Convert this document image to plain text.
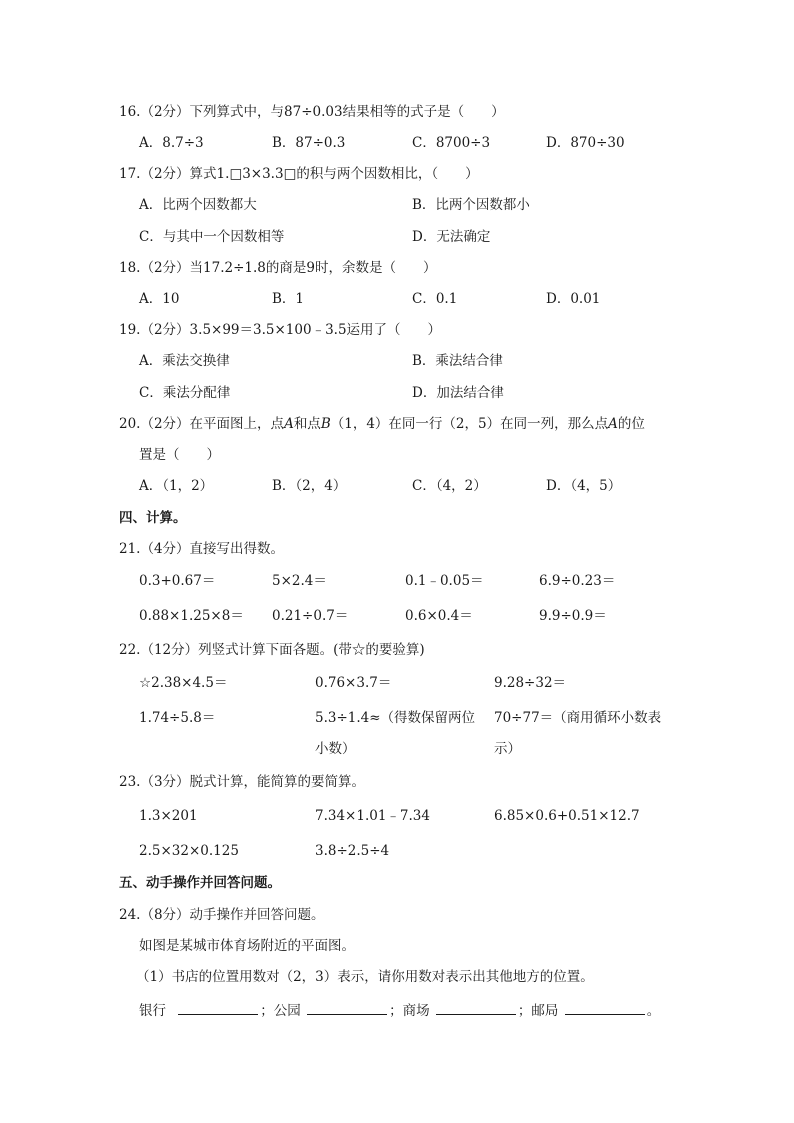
16.（2分）下列算式中，与87÷0.03结果相等的式子是（　　）
A．8.7÷3	B．87÷0.3	C．8700÷3	D．870÷30
17.（2分）算式1.□3×3.3□的积与两个因数相比，（　　）
A．比两个因数都大	B．比两个因数都小
C．与其中一个因数相等	D．无法确定
18.（2分）当17.2÷1.8的商是9时，余数是（　　）
A．10	B．1	C．0.1	D．0.01
19.（2分）3.5×99＝3.5×100﹣3.5运用了（　　）
A．乘法交换律	B．乘法结合律
C．乘法分配律	D．加法结合律
20.（2分）在平面图上，点A和点B（1，4）在同一行（2，5）在同一列，那么点A的位
置是（　　）
A．（1，2）	B．（2，4）	C．（4，2）	D．（4，5）
四、计算。
21.（4分）直接写出得数。
0.3+0.67＝	5×2.4＝	0.1﹣0.05＝	6.9÷0.23＝
0.88×1.25×8＝ 0.21÷0.7＝	0.6×0.4＝	9.9÷0.9＝
22.（12分）列竖式计算下面各题。(带☆的要验算)
☆2.38×4.5＝	0.76×3.7＝	9.28÷32＝
1.74÷5.8＝	5.3÷1.4≈（得数保留两位
小数）
70÷77＝（商用循环小数表
示）
23.（3分）脱式计算，能简算的要简算。
1.3×201	7.34×1.01﹣7.34	6.85×0.6+0.51×12.7
2.5×32×0.125	3.8÷2.5÷4
五、动手操作并回答问题。
24.（8分）动手操作并回答问题。
如图是某城市体育场附近的平面图。
（1）书店的位置用数对（2，3）表示，请你用数对表示出其他地方的位置。
银行	；公园	；商场	；邮局	。
